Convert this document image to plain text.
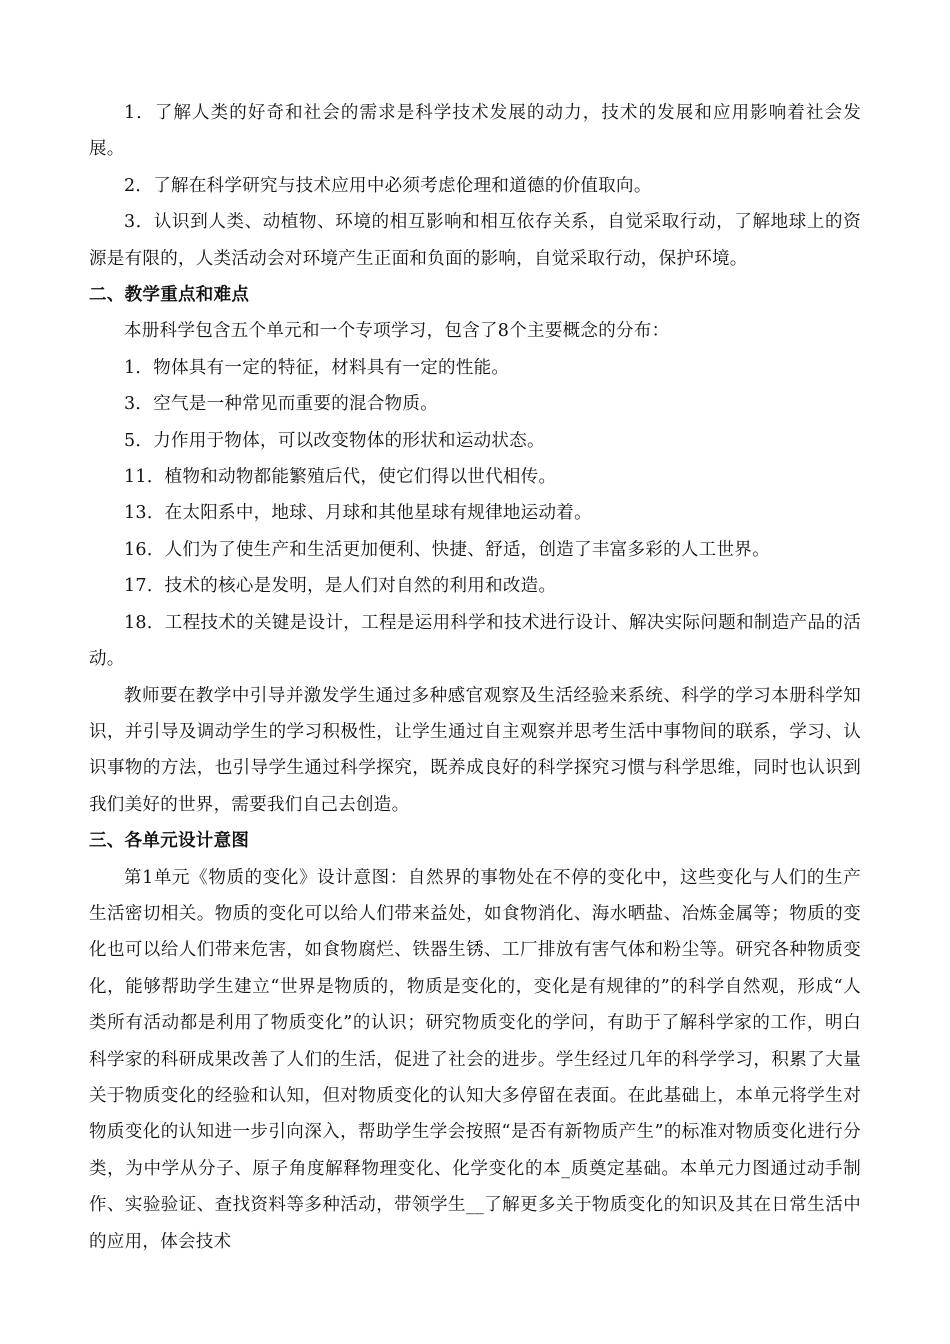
1．了解人类的好奇和社会的需求是科学技术发展的动力，技术的发展和应用影响着社会发展。

2．了解在科学研究与技术应用中必须考虑伦理和道德的价值取向。

3．认识到人类、动植物、环境的相互影响和相互依存关系，自觉采取行动，了解地球上的资源是有限的，人类活动会对环境产生正面和负面的影响，自觉采取行动，保护环境。

二、教学重点和难点

本册科学包含五个单元和一个专项学习，包含了8个主要概念的分布：

1．物体具有一定的特征，材料具有一定的性能。

3．空气是一种常见而重要的混合物质。

5．力作用于物体，可以改变物体的形状和运动状态。

11．植物和动物都能繁殖后代，使它们得以世代相传。

13．在太阳系中，地球、月球和其他星球有规律地运动着。

16．人们为了使生产和生活更加便利、快捷、舒适，创造了丰富多彩的人工世界。

17．技术的核心是发明，是人们对自然的利用和改造。

18．工程技术的关键是设计，工程是运用科学和技术进行设计、解决实际问题和制造产品的活动。

教师要在教学中引导并激发学生通过多种感官观察及生活经验来系统、科学的学习本册科学知识，并引导及调动学生的学习积极性，让学生通过自主观察并思考生活中事物间的联系，学习、认识事物的方法，也引导学生通过科学探究，既养成良好的科学探究习惯与科学思维，同时也认识到我们美好的世界，需要我们自己去创造。

三、各单元设计意图

第1单元《物质的变化》设计意图：自然界的事物处在不停的变化中，这些变化与人们的生产生活密切相关。物质的变化可以给人们带来益处，如食物消化、海水晒盐、冶炼金属等；物质的变化也可以给人们带来危害，如食物腐烂、铁器生锈、工厂排放有害气体和粉尘等。研究各种物质变化，能够帮助学生建立“世界是物质的，物质是变化的，变化是有规律的”的科学自然观，形成“人类所有活动都是利用了物质变化”的认识；研究物质变化的学问，有助于了解科学家的工作，明白科学家的科研成果改善了人们的生活，促进了社会的进步。学生经过几年的科学学习，积累了大量关于物质变化的经验和认知，但对物质变化的认知大多停留在表面。在此基础上，本单元将学生对物质变化的认知进一步引向深入，帮助学生学会按照“是否有新物质产生”的标准对物质变化进行分类，为中学从分子、原子角度解释物理变化、化学变化的本_质奠定基础。本单元力图通过动手制作、实验验证、查找资料等多种活动，带领学生__了解更多关于物质变化的知识及其在日常生活中的应用，体会技术
